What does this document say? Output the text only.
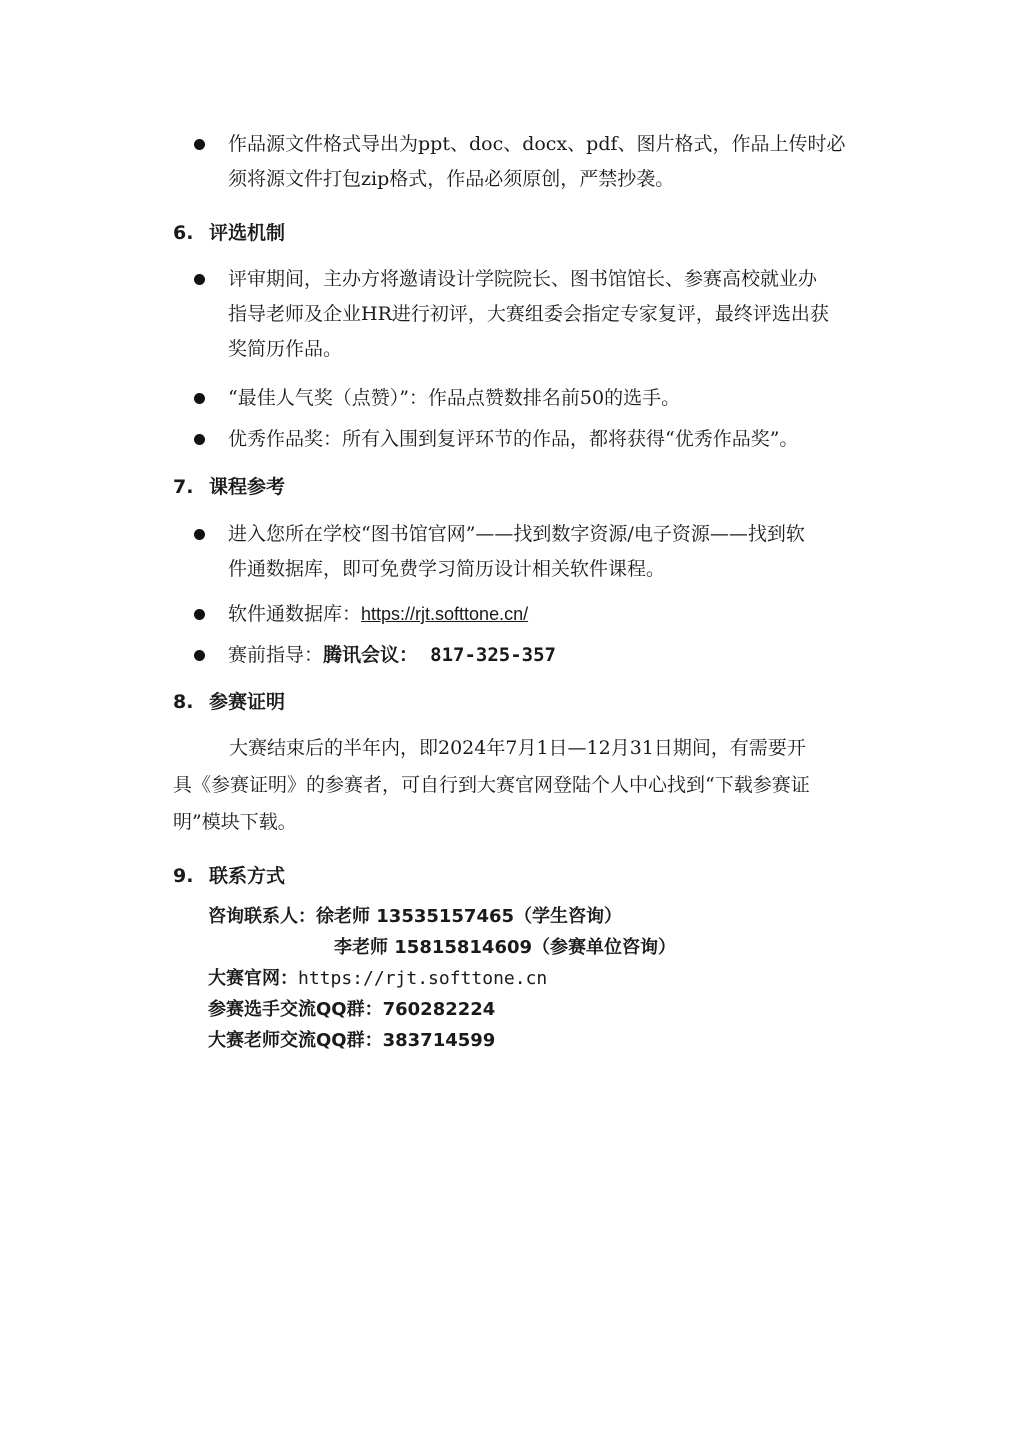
作品源文件格式导出为ppt、doc、docx、pdf、图片格式，作品上传时必
须将源文件打包zip格式，作品必须原创，严禁抄袭。
6. 评选机制
评审期间，主办方将邀请设计学院院长、图书馆馆长、参赛高校就业办
指导老师及企业HR进行初评，大赛组委会指定专家复评，最终评选出获
奖简历作品。
“最佳人气奖（点赞）”：作品点赞数排名前50的选手。
优秀作品奖：所有入围到复评环节的作品，都将获得“优秀作品奖”。
7. 课程参考
进入您所在学校“图书馆官网”——找到数字资源/电子资源——找到软
件通数据库，即可免费学习简历设计相关软件课程。
软件通数据库：https://rjt.softtone.cn/
赛前指导：腾讯会议： 817-325-357
8. 参赛证明
大赛结束后的半年内，即2024年7月1日—12月31日期间，有需要开
具《参赛证明》的参赛者，可自行到大赛官网登陆个人中心找到“下载参赛证
明”模块下载。
9. 联系方式
咨询联系人：徐老师 13535157465（学生咨询）
李老师 15815814609（参赛单位咨询）
大赛官网：https://rjt.softtone.cn
参赛选手交流QQ群：760282224
大赛老师交流QQ群：383714599
